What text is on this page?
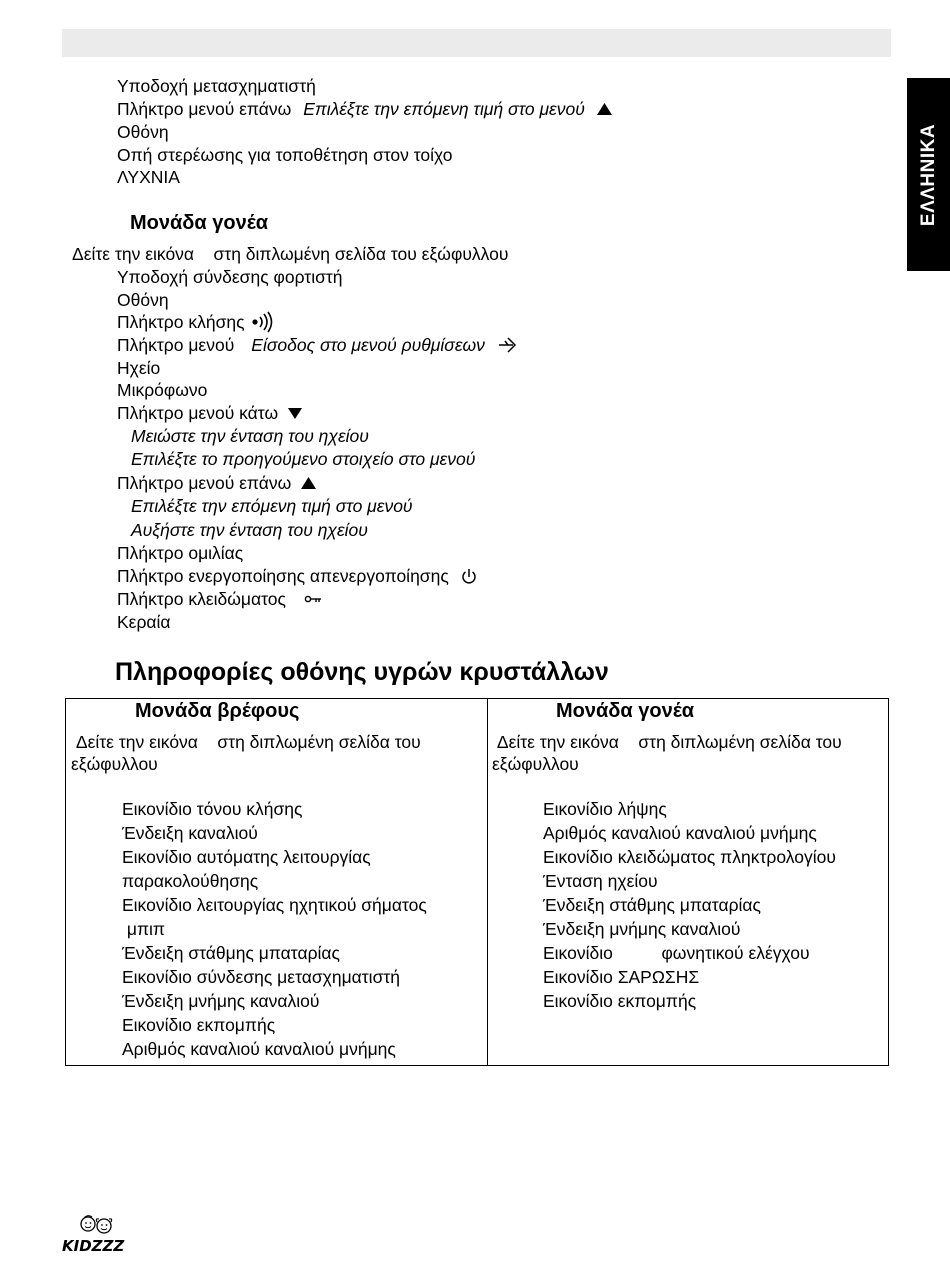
ΕΛΛΗΝΙΚΑ
Υποδοχή μετασχηματιστή
Πλήκτρο μενού επάνω Επιλέξτε την επόμενη τιμή στο μενού
Οθόνη
Οπή στερέωσης για τοποθέτηση στον τοίχο
ΛΥΧΝΙΑ
Μονάδα γονέα
Δείτε την εικόνα    στη διπλωμένη σελίδα του εξώφυλλου
Υποδοχή σύνδεσης φορτιστή
Οθόνη
Πλήκτρο κλήσης
Πλήκτρο μενού Είσοδος στο μενού ρυθμίσεων
Ηχείο
Μικρόφωνο
Πλήκτρο μενού κάτω
Μειώστε την ένταση του ηχείου
Επιλέξτε το προηγούμενο στοιχείο στο μενού
Πλήκτρο μενού επάνω
Επιλέξτε την επόμενη τιμή στο μενού
Αυξήστε την ένταση του ηχείου
Πλήκτρο ομιλίας
Πλήκτρο ενεργοποίησης απενεργοποίησης
Πλήκτρο κλειδώματος
Κεραία
Πληροφορίες οθόνης υγρών κρυστάλλων
Μονάδα βρέφους
Δείτε την εικόνα    στη διπλωμένη σελίδα του εξώφυλλου
Εικονίδιο τόνου κλήσης
Ένδειξη καναλιού
Εικονίδιο αυτόματης λειτουργίας
παρακολούθησης
Εικονίδιο λειτουργίας ηχητικού σήματος
μπιπ
Ένδειξη στάθμης μπαταρίας
Εικονίδιο σύνδεσης μετασχηματιστή
Ένδειξη μνήμης καναλιού
Εικονίδιο εκπομπής
Αριθμός καναλιού καναλιού μνήμης
Μονάδα γονέα
Δείτε την εικόνα    στη διπλωμένη σελίδα του εξώφυλλου
Εικονίδιο λήψης
Αριθμός καναλιού καναλιού μνήμης
Εικονίδιο κλειδώματος πληκτρολογίου
Ένταση ηχείου
Ένδειξη στάθμης μπαταρίας
Ένδειξη μνήμης καναλιού
Εικονίδιο          φωνητικού ελέγχου
Εικονίδιο ΣΑΡΩΣΗΣ
Εικονίδιο εκπομπής
KIDZZZ
